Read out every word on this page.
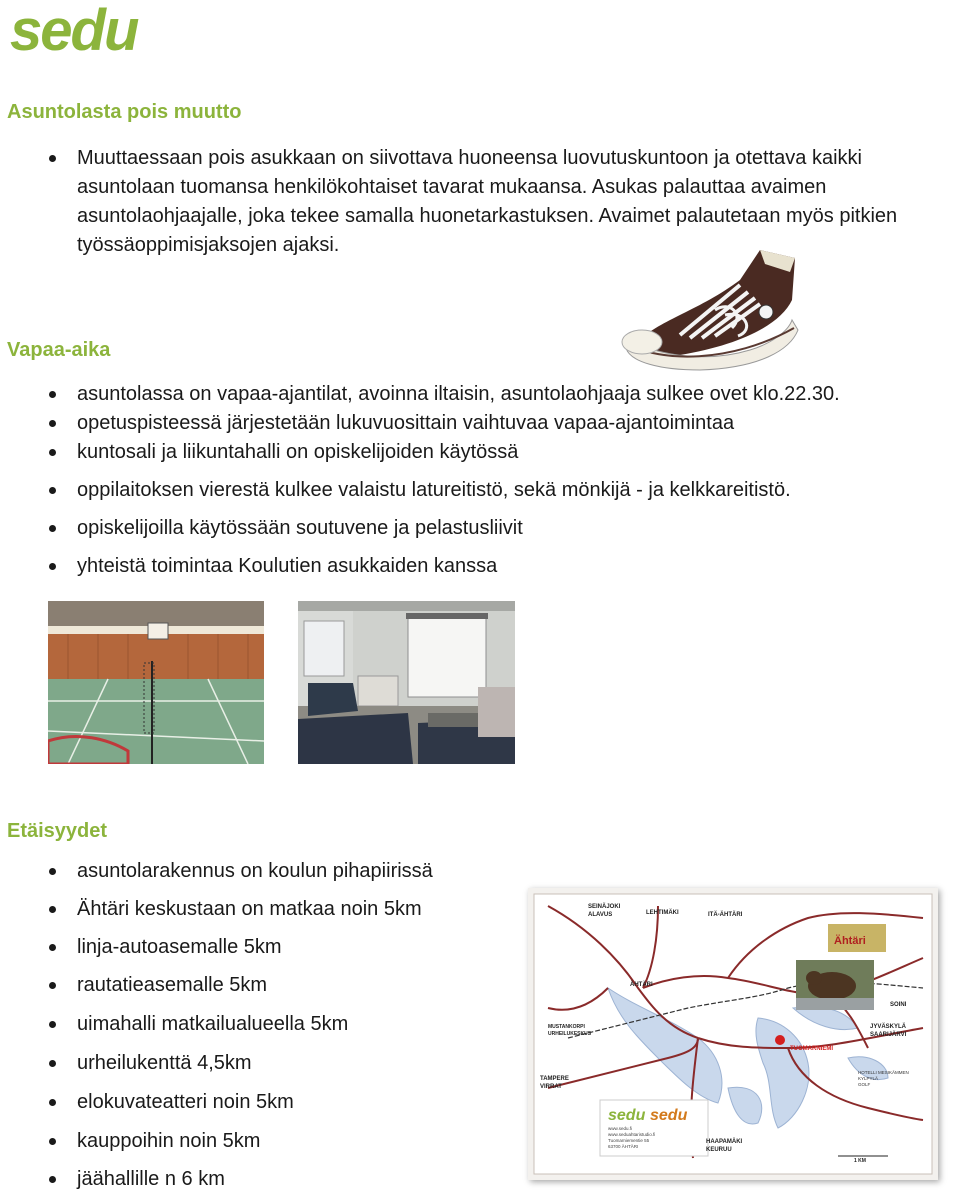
sedu
Asuntolasta pois muutto
Muuttaessaan pois asukkaan on siivottava huoneensa luovutuskuntoon ja otettava kaikki asuntolaan tuomansa henkilökohtaiset tavarat mukaansa. Asukas palauttaa avaimen asuntolaohjaajalle, joka tekee samalla huonetarkastuksen. Avaimet palautetaan myös pitkien työssäoppimisjaksojen ajaksi.
Vapaa-aika
asuntolassa on vapaa-ajantilat, avoinna iltaisin, asuntolaohjaaja sulkee ovet klo.22.30.
opetuspisteessä järjestetään lukuvuosittain vaihtuvaa vapaa-ajantoimintaa
kuntosali ja liikuntahalli on opiskelijoiden käytössä
oppilaitoksen vierestä kulkee valaistu latureitistö, sekä mönkijä - ja kelkkareitistö.
opiskelijoilla käytössään soutuvene ja pelastusliivit
yhteistä toimintaa Koulutien asukkaiden kanssa
Etäisyydet
asuntolarakennus on koulun pihapiirissä
Ähtäri keskustaan on matkaa noin 5km
linja-autoasemalle 5km
rautatieasemalle 5km
uimahalli matkailualueella 5km
urheilukenttä 4,5km
elokuvateatteri noin 5km
kauppoihin noin 5km
jäähallille n 6 km
Ähtäri
sedu sedu
www.sedu.fi
www.seduahtaristudio.fi
Tuomarniementie 55
63700 ÄHTÄRI
SEINÄJOKI
ALAVUS	LEHTIMÄKI	ITÄ-ÄHTÄRI
ÄHTÄRI
SOINI
JYVÄSKYLÄ
SAARIJÄRVI
MUSTANKORPI
URHEILUKESKUS
TAMPERE
VIRRAT
HAAPAMÄKI
KEURUU
1 KM
TUOMARNIEMI
HOTELLI MESIKÄMMEN
KYLPYLÄ
GOLF
